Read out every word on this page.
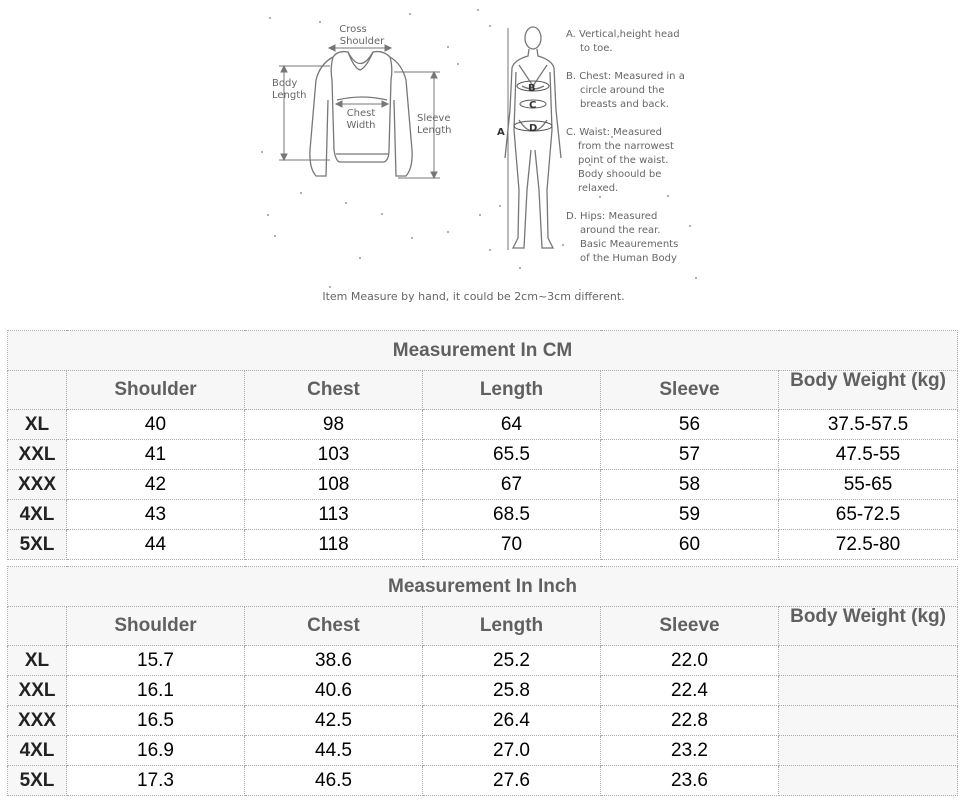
Cross
Shoulder
Body
Length
Chest
Width
Sleeve
Length	A
B
C
D
A. Vertical,height head
to toe.
B. Chest: Measured in a
circle around the
breasts and back.
C. Waist: Measured
from the narrowest
point of the waist.
Body shoould be
relaxed.
D. Hips: Measured
around the rear.
Basic Meaurements
of the Human Body
Item Measure by hand, it could be 2cm~3cm different.
Measurement In CM					
	Shoulder	Chest	Length	Sleeve	Body Weight (kg)
XL	40	98	64	56	37.5-57.5
XXL	41	103	65.5	57	47.5-55
XXX	42	108	67	58	55-65
4XL	43	113	68.5	59	65-72.5
5XL	44	118	70	60	72.5-80
Measurement In Inch					
	Shoulder	Chest	Length	Sleeve	Body Weight (kg)
XL	15.7	38.6	25.2	22.0	
XXL	16.1	40.6	25.8	22.4	
XXX	16.5	42.5	26.4	22.8	
4XL	16.9	44.5	27.0	23.2	
5XL	17.3	46.5	27.6	23.6	
